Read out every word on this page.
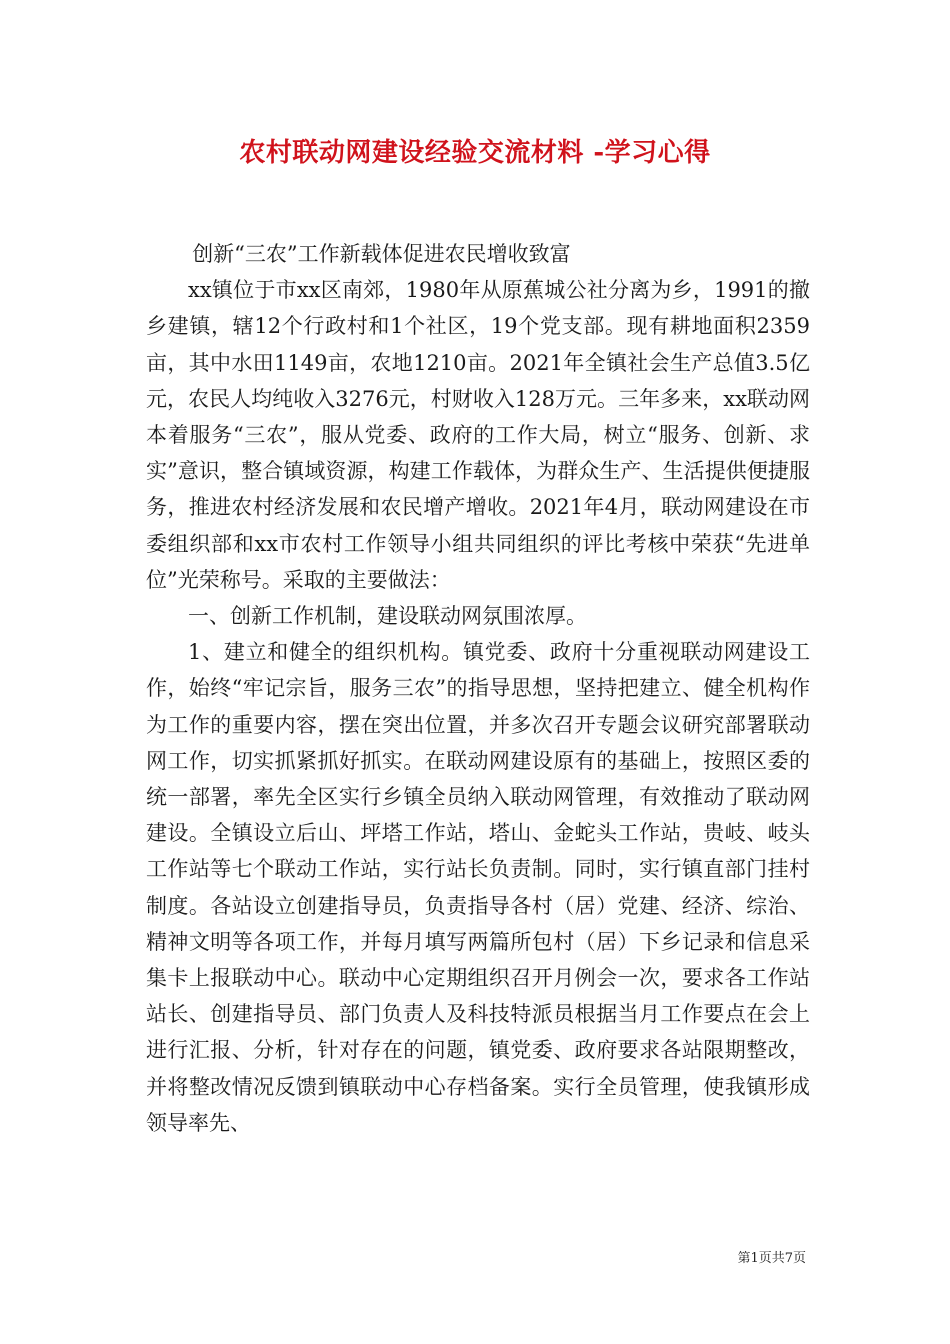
农村联动网建设经验交流材料 -学习心得

创新“三农”工作新载体促进农民增收致富

xx镇位于市xx区南郊，1980年从原蕉城公社分离为乡，1991的撤乡建镇，辖12个行政村和1个社区，19个党支部。现有耕地面积2359亩，其中水田1149亩，农地1210亩。2021年全镇社会生产总值3.5亿元，农民人均纯收入3276元，村财收入128万元。三年多来，xx联动网本着服务“三农”，服从党委、政府的工作大局，树立“服务、创新、求实”意识，整合镇域资源，构建工作载体，为群众生产、生活提供便捷服务，推进农村经济发展和农民增产增收。2021年4月，联动网建设在市委组织部和xx市农村工作领导小组共同组织的评比考核中荣获“先进单位”光荣称号。采取的主要做法：

一、创新工作机制，建设联动网氛围浓厚。

1、建立和健全的组织机构。镇党委、政府十分重视联动网建设工作，始终“牢记宗旨，服务三农”的指导思想，坚持把建立、健全机构作为工作的重要内容，摆在突出位置，并多次召开专题会议研究部署联动网工作，切实抓紧抓好抓实。在联动网建设原有的基础上，按照区委的统一部署，率先全区实行乡镇全员纳入联动网管理，有效推动了联动网建设。全镇设立后山、坪塔工作站，塔山、金蛇头工作站，贵岐、岐头工作站等七个联动工作站，实行站长负责制。同时，实行镇直部门挂村制度。各站设立创建指导员，负责指导各村（居）党建、经济、综治、精神文明等各项工作，并每月填写两篇所包村（居）下乡记录和信息采集卡上报联动中心。联动中心定期组织召开月例会一次，要求各工作站站长、创建指导员、部门负责人及科技特派员根据当月工作要点在会上进行汇报、分析，针对存在的问题，镇党委、政府要求各站限期整改，并将整改情况反馈到镇联动中心存档备案。实行全员管理，使我镇形成领导率先、

第1页共7页
